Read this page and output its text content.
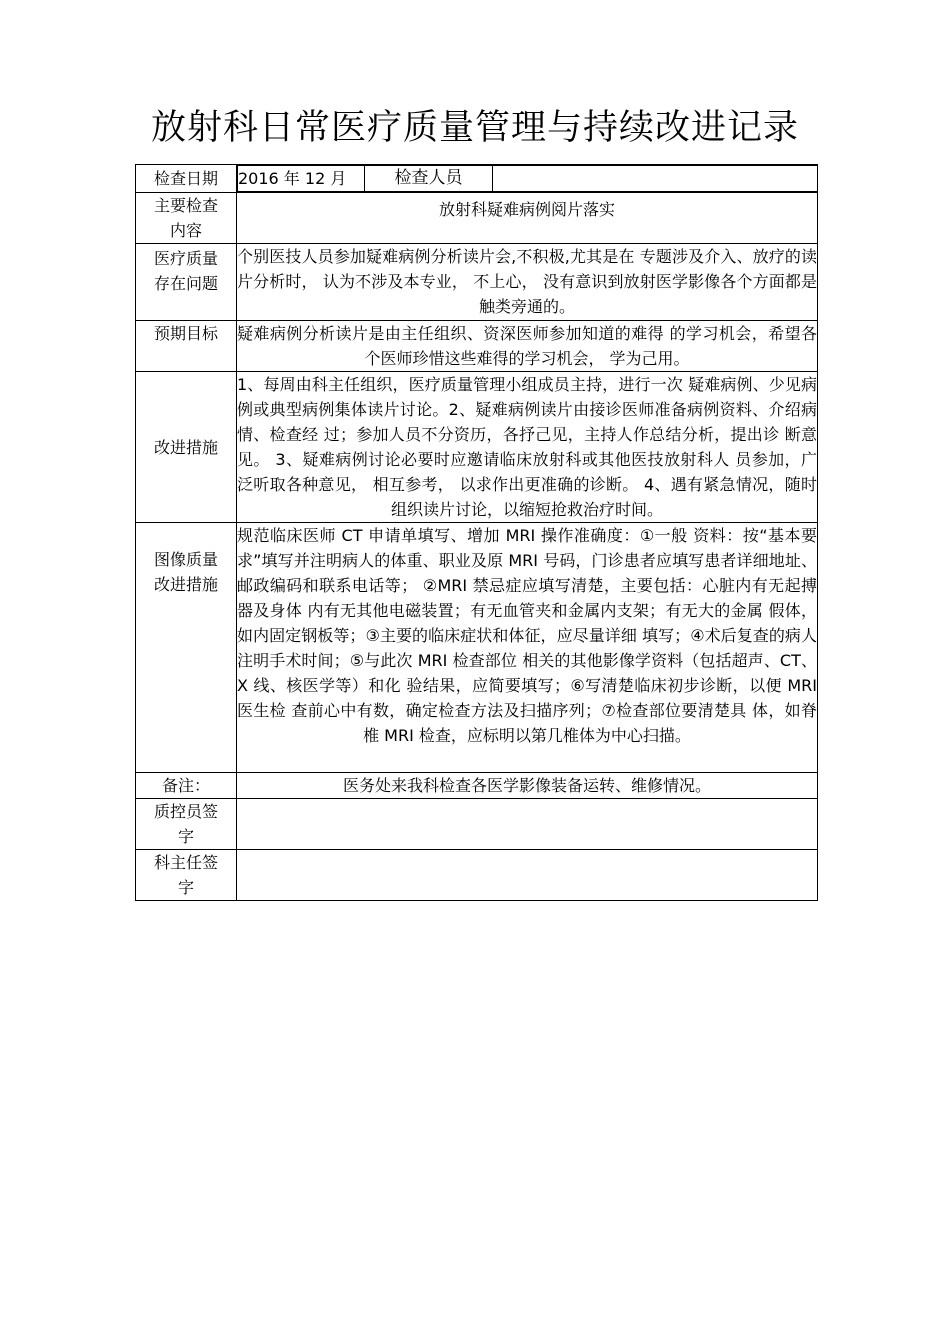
放射科日常医疗质量管理与持续改进记录
检查日期	2016 年 12 月	检查人员	

主要检查
内容
	放射科疑难病例阅片落实

医疗质量
存在问题
	个别医技人员参加疑难病例分析读片会,不积极,尤其是在 专题涉及介入、放疗的读片分析时， 认为不涉及本专业， 不上心， 没有意识到放射医学影像各个方面都是触类旁通的。
预期目标	疑难病例分析读片是由主任组织、资深医师参加知道的难得 的学习机会，希望各个医师珍惜这些难得的学习机会， 学为己用。
改进措施	1、每周由科主任组织，医疗质量管理小组成员主持，进行一次 疑难病例、少见病例或典型病例集体读片讨论。2、疑难病例读片由接诊医师准备病例资料、介绍病情、检查经 过；参加人员不分资历，各抒己见，主持人作总结分析，提出诊 断意见。 3、疑难病例讨论必要时应邀请临床放射科或其他医技放射科人 员参加，广泛听取各种意见， 相互参考， 以求作出更准确的诊断。 4、遇有紧急情况，随时组织读片讨论，以缩短抢救治疗时间。

图像质量
改进措施
	规范临床医师 CT 申请单填写、增加 MRI 操作准确度：①一般 资料：按“基本要求”填写并注明病人的体重、职业及原 MRI 号码，门诊患者应填写患者详细地址、邮政编码和联系电话等； ②MRI 禁忌症应填写清楚，主要包括：心脏内有无起搏器及身体 内有无其他电磁装置；有无血管夹和金属内支架；有无大的金属 假体，如内固定钢板等；③主要的临床症状和体征，应尽量详细 填写；④术后复查的病人注明手术时间；⑤与此次 MRI 检查部位 相关的其他影像学资料（包括超声、CT、X 线、核医学等）和化 验结果，应简要填写；⑥写清楚临床初步诊断，以便 MRI 医生检 查前心中有数，确定检查方法及扫描序列；⑦检查部位要清楚具 体，如脊椎 MRI 检查，应标明以第几椎体为中心扫描。
备注：	医务处来我科检查各医学影像装备运转、维修情况。

质控员签
字

科主任签
字
